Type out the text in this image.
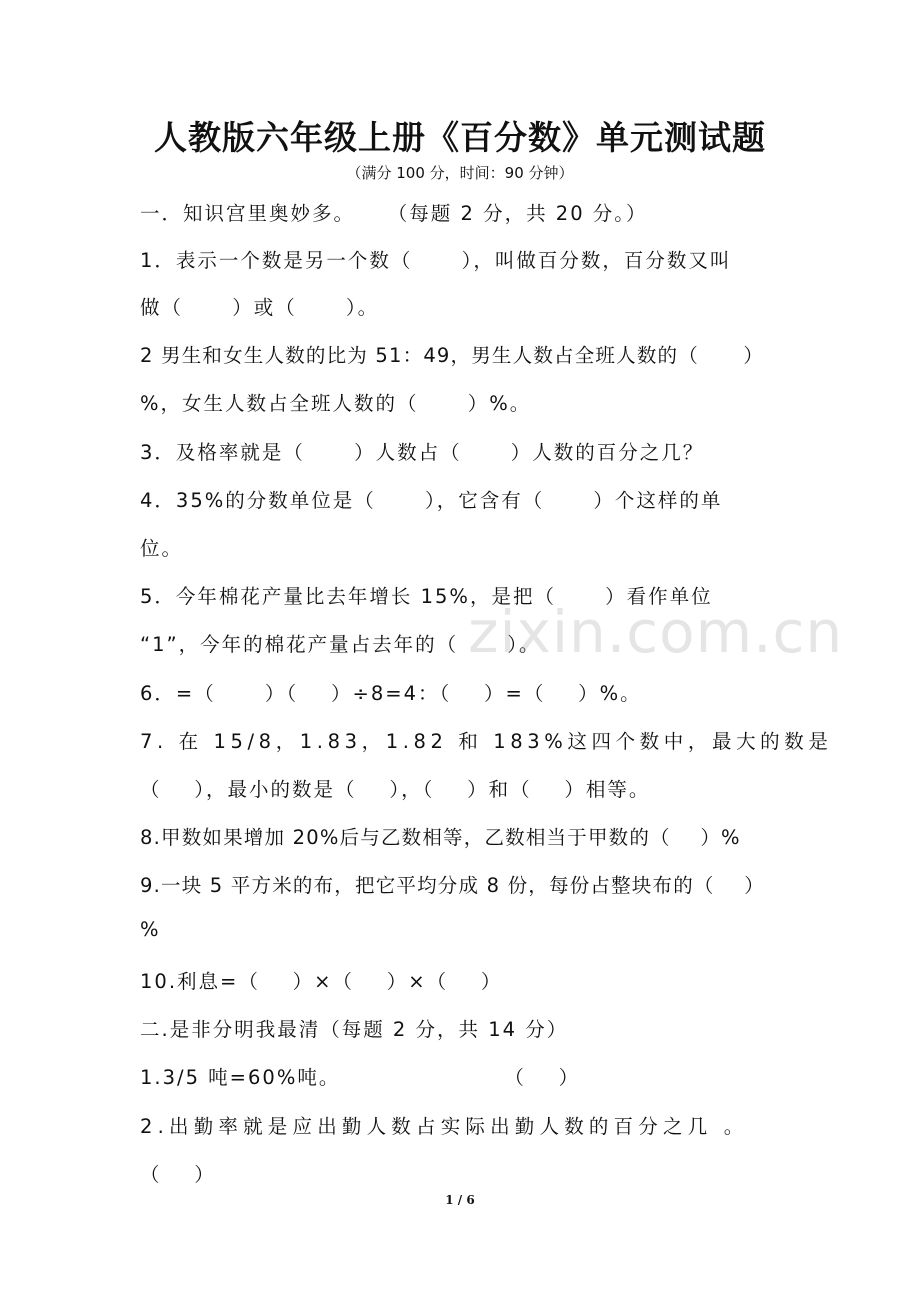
人教版六年级上册《百分数》单元测试题
（满分 100 分，时间：90 分钟）
zixin.com.cn
一．知识宫里奥妙多。    （每题 2 分，共 20 分。）
1．表示一个数是另一个数（      ），叫做百分数，百分数又叫
做（      ）或（      ）。
2 男生和女生人数的比为 51：49，男生人数占全班人数的（      ）
%，女生人数占全班人数的（      ）%。
3．及格率就是（      ）人数占（      ）人数的百分之几？
4．35%的分数单位是（      ），它含有（      ）个这样的单
位。
5．今年棉花产量比去年增长 15%，是把（      ）看作单位
“1”，今年的棉花产量占去年的（      ）。
6．=（      ）（    ）÷8=4：（    ）=（    ）%。
7. 在 15/8，1.83，1.82 和 183%这四个数中，最大的数是
（    ），最小的数是（    ），（    ）和（    ）相等。
8.甲数如果增加 20%后与乙数相等，乙数相当于甲数的（    ）%
9.一块 5 平方米的布，把它平均分成 8 份，每份占整块布的（    ）
%
10.利息=（    ）×（    ）×（    ）
二.是非分明我最清（每题 2 分，共 14 分）
1.3/5 吨=60%吨。                    （    ）
2.出勤率就是应出勤人数占实际出勤人数的百分之几 。
（    ）
1 / 6
